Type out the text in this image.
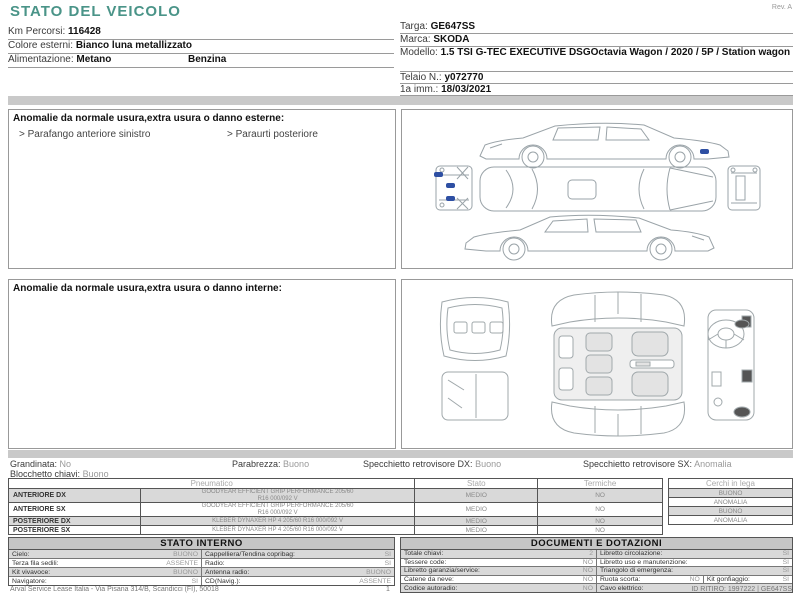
STATO DEL VEICOLO	Rev. A
Km Percorsi: 116428
Colore esterni: Bianco luna metallizzato
Alimentazione: Metano	Benzina
Targa: GE647SS
Marca: SKODA
Modello: 1.5 TSI G-TEC EXECUTIVE DSGOctavia Wagon / 2020 / 5P / Station wagon
Telaio N.: y072770
1a imm.: 18/03/2021
Anomalie da normale usura,extra usura o danno esterne:
> Parafango anteriore sinistro	> Paraurti posteriore
Anomalie da normale usura,extra usura o danno interne:
Grandinata: No
Blocchetto chiavi: Buono
Parabrezza: Buono	Specchietto retrovisore DX: Buono	Specchietto retrovisore SX: Anomalia
Pneumatico	Stato	Termiche
ANTERIORE DX	GOODYEAR EFFICIENT GRIP PERFORMANCE 205/60 R16 000/092 V	MEDIO	NO
ANTERIORE SX	GOODYEAR EFFICIENT GRIP PERFORMANCE 205/60 R16 000/092 V	MEDIO	NO
POSTERIORE DX	KLEBER DYNAXER HP 4 205/60 R16 000/092 V	MEDIO	NO
POSTERIORE SX	KLEBER DYNAXER HP 4 205/60 R16 000/092 V	MEDIO	NO
Cerchi in lega
BUONO
ANOMALIA
BUONO
ANOMALIA
STATO INTERNO
Cielo:	BUONO	Cappelliera/Tendina copribag:	SI
Terza fila sedili:	ASSENTE	Radio:	SI
Kit vivavoce:	BUONO	Antenna radio:	BUONO
Navigatore:	SI	CD(Navig.):	ASSENTE
DOCUMENTI E DOTAZIONI
Totale chiavi:	2	Libretto circolazione:	SI
Tessere code:	NO	Libretto uso e manutenzione:	SI
Libretto garanzia/service:	NO	Triangolo di emergenza:	SI
Catene da neve:	NO	Ruota scorta:	NO	Kit gonfiaggio:	SI
Codice autoradio:	NO	Cavo elettrico:
Arval Service Lease Italia - Via Pisana 314/B, Scandicci (FI), 50018	1	ID RITIRO: 1997222 | GE647SS
